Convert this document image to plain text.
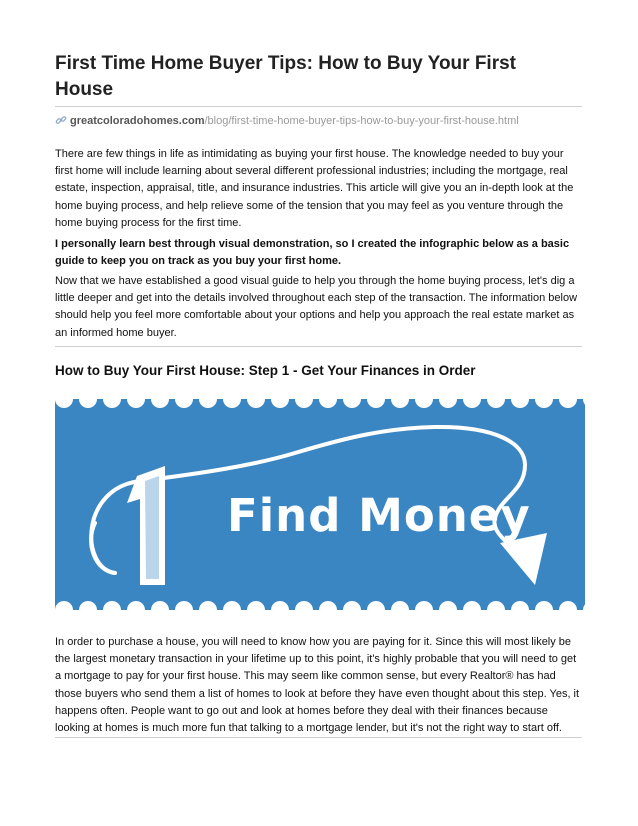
First Time Home Buyer Tips: How to Buy Your First House
greatcoloradohomes.com/blog/first-time-home-buyer-tips-how-to-buy-your-first-house.html

There are few things in life as intimidating as buying your first house. The knowledge needed to buy your first home will include learning about several different professional industries; including the mortgage, real estate, inspection, appraisal, title, and insurance industries. This article will give you an in-depth look at the home buying process, and help relieve some of the tension that you may feel as you venture through the home buying process for the first time.

I personally learn best through visual demonstration, so I created the infographic below as a basic guide to keep you on track as you buy your first home.

Now that we have established a good visual guide to help you through the home buying process, let's dig a little deeper and get into the details involved throughout each step of the transaction. The information below should help you feel more comfortable about your options and help you approach the real estate market as an informed home buyer.

How to Buy Your First House: Step 1 - Get Your Finances in Order
Find Money

In order to purchase a house, you will need to know how you are paying for it. Since this will most likely be the largest monetary transaction in your lifetime up to this point, it's highly probable that you will need to get a mortgage to pay for your first house. This may seem like common sense, but every Realtor® has had those buyers who send them a list of homes to look at before they have even thought about this step. Yes, it happens often. People want to go out and look at homes before they deal with their finances because looking at homes is much more fun that talking to a mortgage lender, but it's not the right way to start off.
